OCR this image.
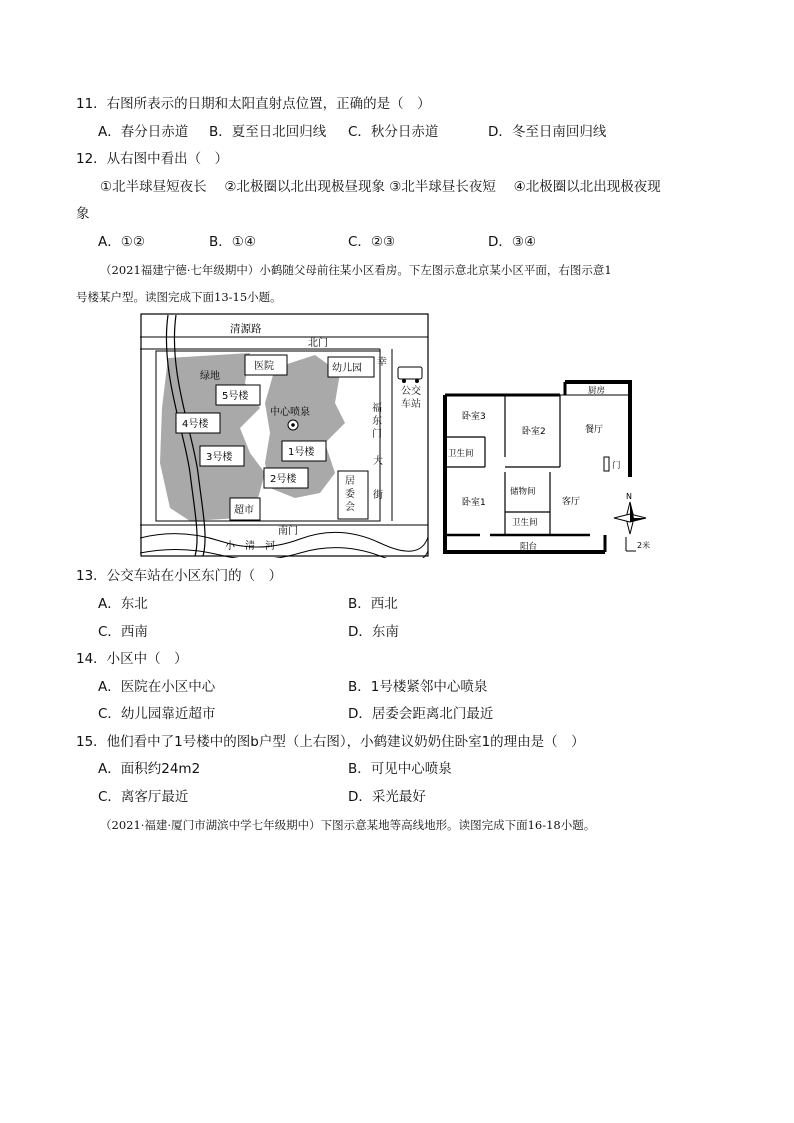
11．右图所表示的日期和太阳直射点位置，正确的是（　）
A．春分日赤道 B．夏至日北回归线 C．秋分日赤道	D．冬至日南回归线
12．从右图中看出（　）
①北半球昼短夜长　 ②北极圈以北出现极昼现象 ③北半球昼长夜短　 ④北极圈以北出现极夜现
象
A．①②	B．①④	C．②③	D．③④
（2021福建宁德·七年级期中）小鹤随父母前往某小区看房。下左图示意北京某小区平面，右图示意1
号楼某户型。读图完成下面13-15小题。
小　清　河
清源路
北门
南门
幸
医院	幼儿园
5号楼
4号楼
3号楼	1号楼
2号楼
超市
绿地
中心喷泉	福东门
大街
公交车站
居委会
厨房
餐厅
卧室3
卧室2
卫生间
卧室1
储物间
卫生间
客厅
阳台
门
N
2米
13．公交车站在小区东门的（　）
A．东北	B．西北
C．西南	D．东南
14．小区中（　）
A．医院在小区中心	B．1号楼紧邻中心喷泉
C．幼儿园靠近超市	D．居委会距离北门最近
15．他们看中了1号楼中的图b户型（上右图），小鹤建议奶奶住卧室1的理由是（　）
A．面积约24m2	B．可见中心喷泉
C．离客厅最近	D．采光最好
（2021·福建·厦门市湖滨中学七年级期中）下图示意某地等高线地形。读图完成下面16-18小题。
